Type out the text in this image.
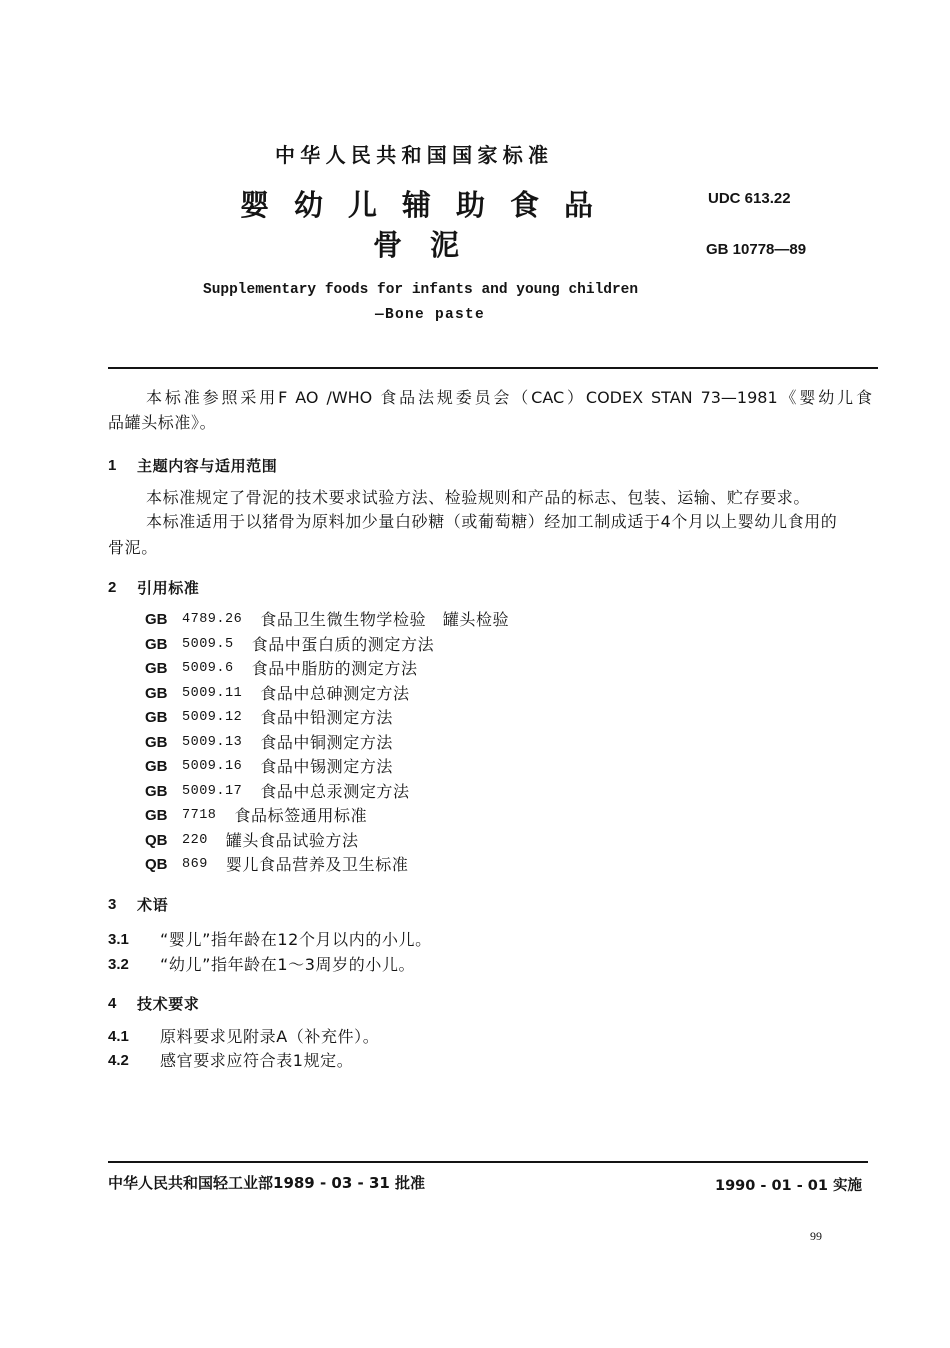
中华人民共和国国家标准
婴幼儿辅助食品
骨泥
UDC 613.22
GB 10778—89
Supplementary foods for infants and young children
—Bone paste
本标准参照采用F AO /WHO 食品法规委员会（CAC）CODEX STAN 73—1981《婴幼儿食
品罐头标准》。
1	主题内容与适用范围
本标准规定了骨泥的技术要求试验方法、检验规则和产品的标志、包装、运输、贮存要求。
本标准适用于以猪骨为原料加少量白砂糖（或葡萄糖）经加工制成适于4个月以上婴幼儿食用的
骨泥。
2	引用标准
GB	4789.26 食品卫生微生物学检验　罐头检验
GB	5009.5 食品中蛋白质的测定方法
GB	5009.6 食品中脂肪的测定方法
GB	5009.11 食品中总砷测定方法
GB	5009.12 食品中铅测定方法
GB	5009.13 食品中铜测定方法
GB	5009.16 食品中锡测定方法
GB	5009.17 食品中总汞测定方法
GB	7718 食品标签通用标准
QB	220 罐头食品试验方法
QB	869 婴儿食品营养及卫生标准
3	术语
3.1	“婴儿”指年龄在12个月以内的小儿。
3.2	“幼儿”指年龄在1～3周岁的小儿。
4	技术要求
4.1	原料要求见附录A（补充件）。
4.2	感官要求应符合表1规定。
中华人民共和国轻工业部1989 - 03 - 31 批准	1990 - 01 - 01 实施
99
